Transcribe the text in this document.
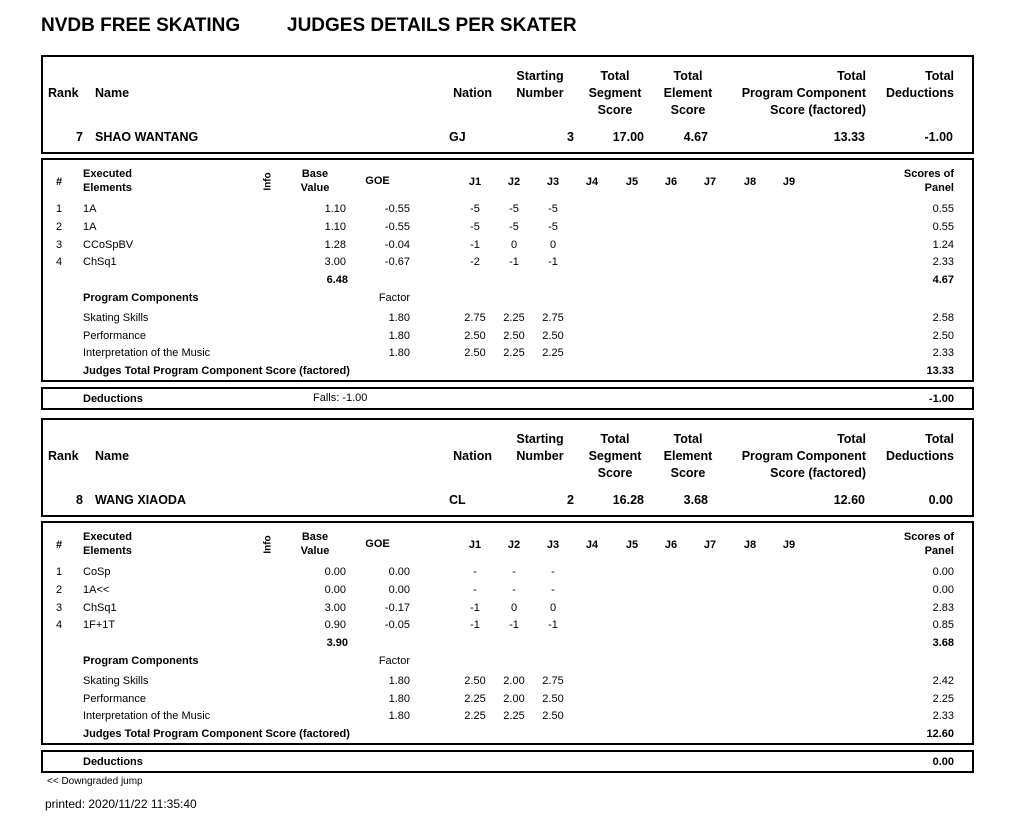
NVDB FREE SKATING JUDGES DETAILS PER SKATER
Rank Name	Nation
Starting
Number
Total
Segment
Score
Total
Element
Score
Total
Program Component
Score (factored)
Total
Deductions
7 SHAO WANTANG	GJ	3	17.00	4.67	13.33	-1.00
#
Executed
Elements	Info	Base
Value
GOE	J1	J2	J3	J4	J5	J6	J7	J8	J9
Scores of
Panel
1	1A	1.10	-0.55	-5	-5	-5	0.55
2	1A	1.10	-0.55	-5	-5	-5	0.55
3	CCoSpBV	1.28	-0.04	-1	0	0	1.24
4	ChSq1	3.00	-0.67	-2	-1	-1	2.33
6.48	4.67
Program Components	Factor
Skating Skills	1.80	2.75	2.25	2.75	2.58
Performance	1.80	2.50	2.50	2.50	2.50
Interpretation of the Music	1.80	2.50	2.25	2.25	2.33
Judges Total Program Component Score (factored)	13.33
Deductions	Falls: -1.00	-1.00
Rank Name	Nation
Starting
Number
Total
Segment
Score
Total
Element
Score
Total
Program Component
Score (factored)
Total
Deductions
8 WANG XIAODA	CL	2	16.28	3.68	12.60	0.00
#
Executed
Elements	Info	Base
Value
GOE	J1	J2	J3	J4	J5	J6	J7	J8	J9
Scores of
Panel
1	CoSp	0.00	0.00	-	-	-	0.00
2	1A<<	0.00	0.00	-	-	-	0.00
3	ChSq1	3.00	-0.17	-1	0	0	2.83
4	1F+1T	0.90	-0.05	-1	-1	-1	0.85
3.90	3.68
Program Components	Factor
Skating Skills	1.80	2.50	2.00	2.75	2.42
Performance	1.80	2.25	2.00	2.50	2.25
Interpretation of the Music	1.80	2.25	2.25	2.50	2.33
Judges Total Program Component Score (factored)	12.60
Deductions	0.00
<< Downgraded jump
printed: 2020/11/22 11:35:40
